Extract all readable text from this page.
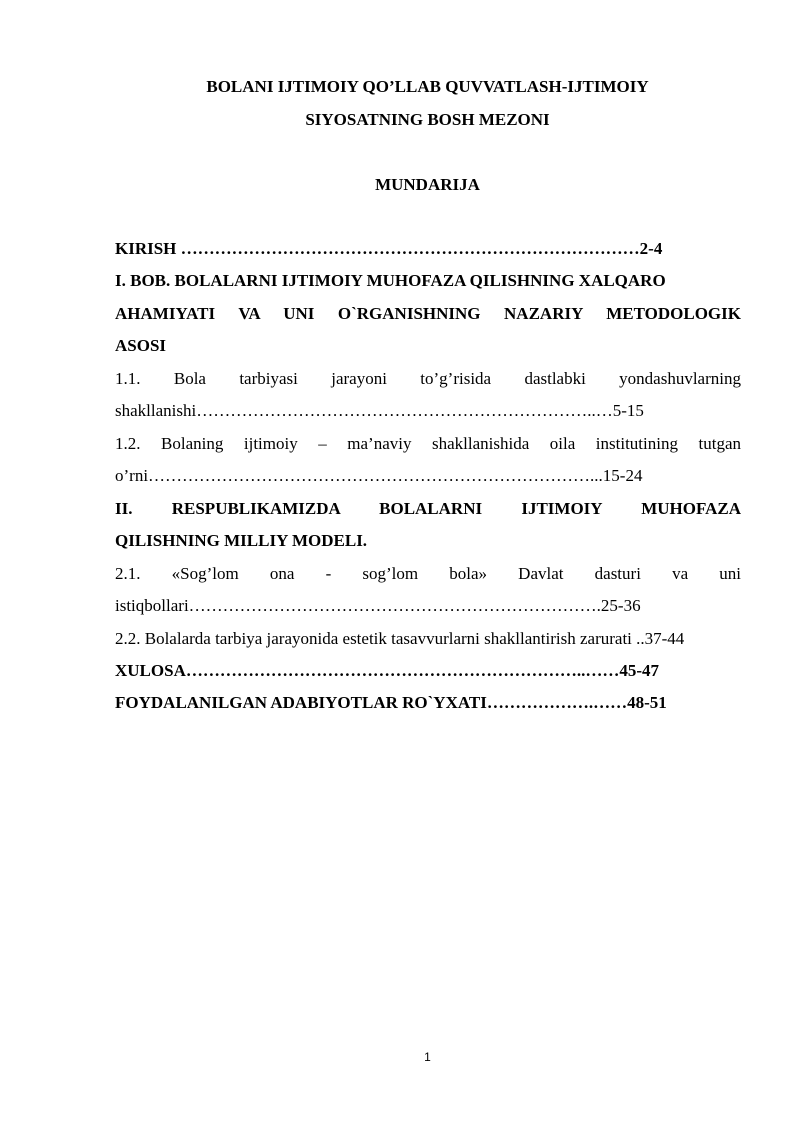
BOLANI IJTIMOIY QO’LLAB QUVVATLASH-IJTIMOIY
SIYOSATNING BOSH MEZONI
MUNDARIJA
KIRISH ………………………………………………………………………2-4
I. BOB. BOLALARNI IJTIMOIY MUHOFAZA QILISHNING XALQARO
AHAMIYATI VA UNI O`RGANISHNING NAZARIY METODOLOGIK
ASOSI
1.1. Bola tarbiyasi jarayoni to’g’risida dastlabki yondashuvlarning
shakllanishi……………………………………………………………..…5-15
1.2. Bolaning ijtimoiy – ma’naviy shakllanishida oila institutining tutgan
o’rni……………………………………………………………………...15-24
II. RESPUBLIKAMIZDA BOLALARNI IJTIMOIY MUHOFAZA
QILISHNING MILLIY MODELI.
2.1. «Sog’lom ona - sog’lom bola» Davlat dasturi va uni
istiqbollari……………………………………………………………….25-36
2.2. Bolalarda tarbiya jarayonida estetik tasavvurlarni shakllantirish zarurati ..37-44
XULOSA……………………………………………………………..……45-47
FOYDALANILGAN ADABIYOTLAR RO`YXATI……………….……48-51
1
